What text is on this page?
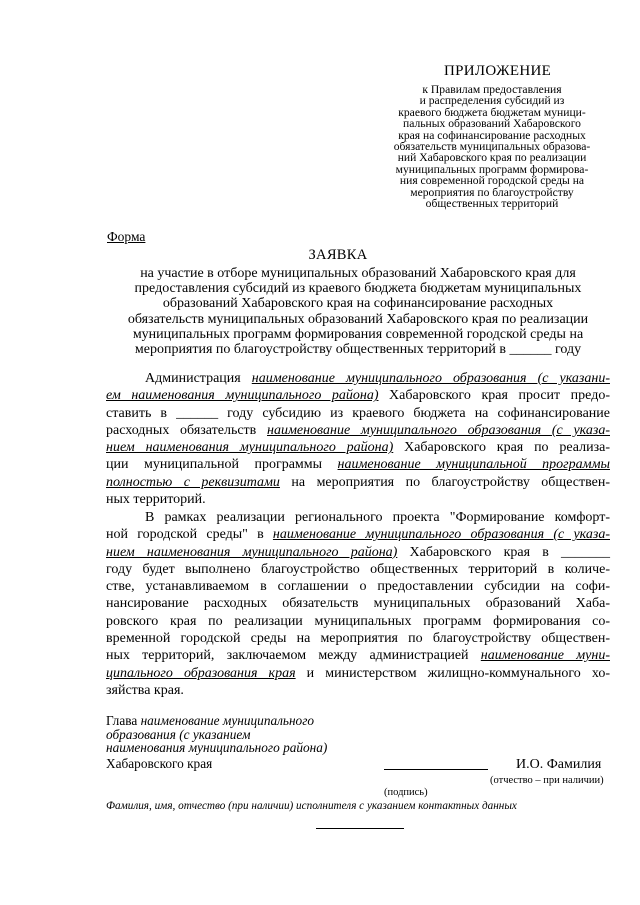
ПРИЛОЖЕНИЕ
к Правилам предоставления
и распределения субсидий из
краевого бюджета бюджетам муници-
пальных образований Хабаровского
края на софинансирование расходных
обязательств муниципальных образова-
ний Хабаровского края по реализации
муниципальных программ формирова-
ния современной городской среды на
мероприятия по благоустройству
общественных территорий
Форма
ЗАЯВКА
на участие в отборе муниципальных образований Хабаровского края для
предоставления субсидий из краевого бюджета бюджетам муниципальных
образований Хабаровского края на софинансирование расходных
обязательств муниципальных образований Хабаровского края по реализации
муниципальных программ формирования современной городской среды на
мероприятия по благоустройству общественных территорий в ______ году
Администрация наименование муниципального образования (с указани-
ем наименования муниципального района) Хабаровского края просит предо-
ставить в ______ году субсидию из краевого бюджета на софинансирование
расходных обязательств наименование муниципального образования (с указа-
нием наименования муниципального района) Хабаровского края по реализа-
ции муниципальной программы наименование муниципальной программы
полностью с реквизитами на мероприятия по благоустройству обществен-
ных территорий.
В рамках реализации регионального проекта "Формирование комфорт-
ной городской среды" в наименование муниципального образования (с указа-
нием наименования муниципального района) Хабаровского края в _______
году будет выполнено благоустройство общественных территорий в количе-
стве, устанавливаемом в соглашении о предоставлении субсидии на софи-
нансирование расходных обязательств муниципальных образований Хаба-
ровского края по реализации муниципальных программ формирования со-
временной городской среды на мероприятия по благоустройству обществен-
ных территорий, заключаемом между администрацией наименование муни-
ципального образования края и министерством жилищно-коммунального хо-
зяйства края.
Глава наименование муниципального
образования (с указанием
наименования муниципального района)
Хабаровского края	И.О. Фамилия
(отчество – при наличии)
(подпись)
Фамилия, имя, отчество (при наличии) исполнителя с указанием контактных данных
